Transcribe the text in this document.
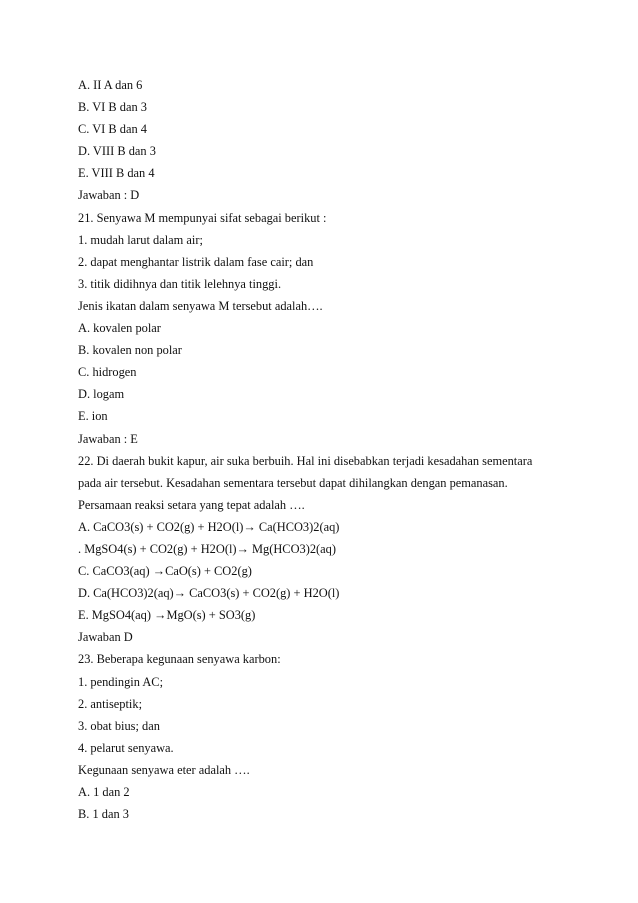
A. II A dan 6
B. VI B dan 3
C. VI B dan 4
D. VIII B dan 3
E. VIII B dan 4
Jawaban : D
21. Senyawa M mempunyai sifat sebagai berikut :
1. mudah larut dalam air;
2. dapat menghantar listrik dalam fase cair; dan
3. titik didihnya dan titik lelehnya tinggi.
Jenis ikatan dalam senyawa M tersebut adalah….
A. kovalen polar
B. kovalen non polar
C. hidrogen
D. logam
E. ion
Jawaban : E
22. Di daerah bukit kapur, air suka berbuih. Hal ini disebabkan terjadi kesadahan sementara
pada air tersebut. Kesadahan sementara tersebut dapat dihilangkan dengan pemanasan.
Persamaan reaksi setara yang tepat adalah ….
A. CaCO3(s) + CO2(g) + H2O(l)→ Ca(HCO3)2(aq)
. MgSO4(s) + CO2(g) + H2O(l)→ Mg(HCO3)2(aq)
C. CaCO3(aq) →CaO(s) + CO2(g)
D. Ca(HCO3)2(aq)→ CaCO3(s) + CO2(g) + H2O(l)
E. MgSO4(aq) →MgO(s) + SO3(g)
Jawaban D
23. Beberapa kegunaan senyawa karbon:
1. pendingin AC;
2. antiseptik;
3. obat bius; dan
4. pelarut senyawa.
Kegunaan senyawa eter adalah ….
A. 1 dan 2
B. 1 dan 3
